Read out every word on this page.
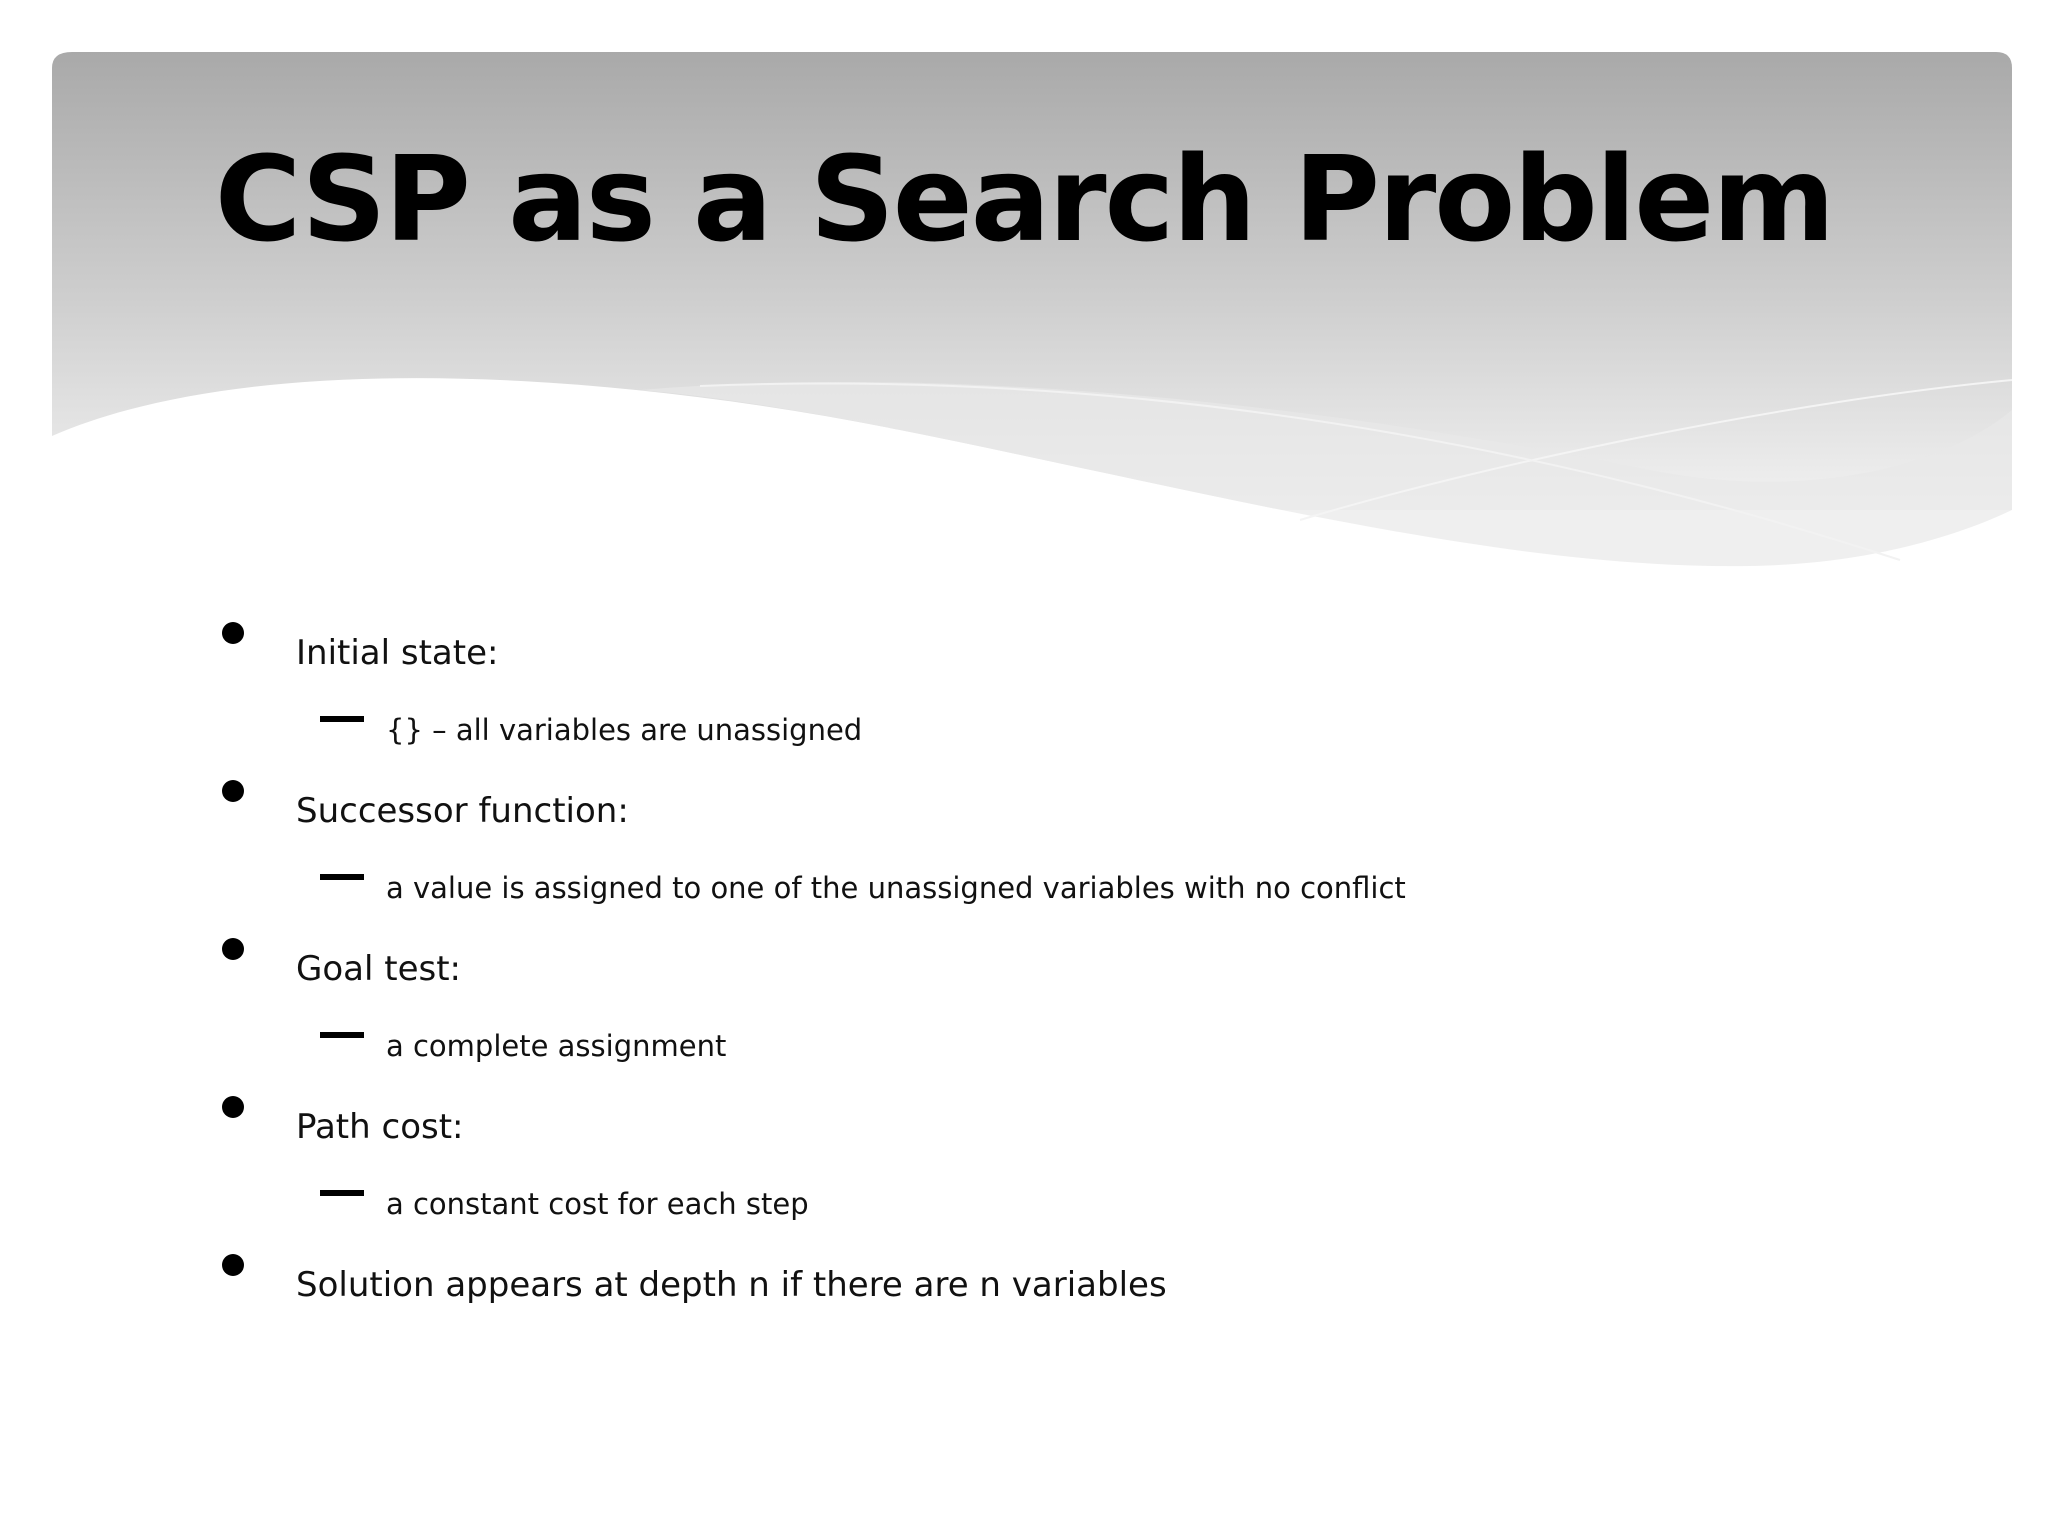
CSP as a Search Problem
Initial state:
{} – all variables are unassigned
Successor function:
a value is assigned to one of the unassigned variables with no conflict
Goal test:
a complete assignment
Path cost:
a constant cost for each step
Solution appears at depth n if there are n variables
